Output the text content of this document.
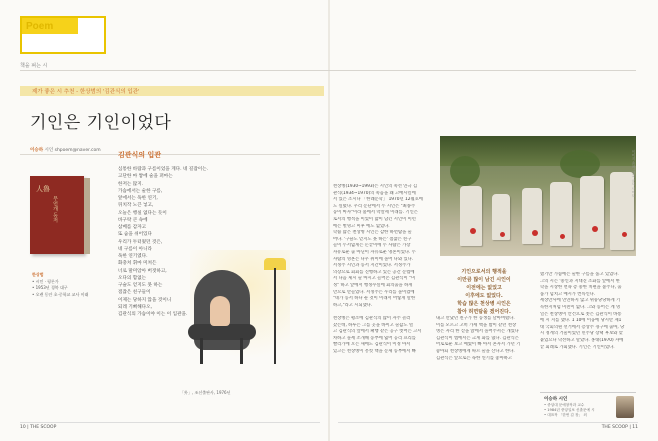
Poem
책을 펴는 시
제가 좋은 시 추천 - 한상범의 '김관식의 입관'
기인은 기인이었다
이승하 시인 shpoem@naver.com
人魯
무언개 등저
한상범
• 시인 · 평론가
• 1953년 경북 대구
• 오랜 동안 초·중학교 교사 이래
김관식의 입관
심통한 바람과 구름이었을 게다. 네 길잡이는.
고단한 마 쌓에 술을 퍼마는
한저는 많지.
가슴에서는 술한 구름,
앞에서는 독한 연기,
뒤치작 노끈 넣고,
오늘은 행실 없다는 듯이
바구락 큰 속에
삼베를 감자고
또 숨을 쉬어있다
우리가 두터웠던 것은,
네 구름이 아니라
독한 연기였다.
화충쳐 휘마 미쳐든
너로 말미암아 버젓하고,
오다의 함없는
구슬도 얻지도 못 하는
점잖은 친구들이
이제는 당하지 않을 것이니
되레 기뻐해다오,
김관식의 가슴이야 이는 이 입관을.
「外」, 조선출판사, 1976년
이미지 출처: 한국 군사 사이트
천상병(1930~1993)은 시인의 죽선 연극 김
관식(1934~1970)의 죽음을 왜 고배시킬에
서 있은 조시다 「한례문학」 1970년 12월호에
도 실렸다. 우리 문단에서 두 시인은 "최종주
동이 마자"이라 불에서 막살세 이래를. 기인은
로서의 행적을 이었이 많이 남긴 시인이 이런
에는 별명고 미후 에도 없었다.
학습 많은 천상병 시인는 감한 하면탐을 둘
어다. '구슬도 얻지도 못 하는' 점잖은 친구
들이 두서없게는 돈끝이에 두 사람은 가장
자유로운 출 아닌이 자유로운 영혼이었다. 두
사람의 영혼는 나우 위이에 돌어 나와 있다.
서정주 시인과 동서 지간이었다. 서정주가
의장으로 회회를 진행하고 있는 공간 문법에
서 다음 제시 술 마시고 들어온 김관식이 "미
정" 하고 앞에서 행정수실에 회의출을 하게
만으로 만들었다. 서정주는 우리를 돌이켰에
"네가 동서 하나 둔 것이 이래서 어떻게 말한
하고,"라고 시되했다.
천상병은 평소에 김관식의 많이 자주 놀러
갔는데, 하루는 그를 곳을 바이고 술값도 빌
고 김관식의 앞에서 패행 같은 공구 벗어는 고서
차하고 돌세 소개해 동부에 잃어 공리 프리를
빨리가에 오는 새에도 김관식이 이정 아서
있고는 천상병이 흥컷 핵을 문제 동부에서 빠
내고 만났던 친구가 한 동생를 날아버렸다.
이를 모르고 고히 가세 핵을 밤이 같던 천상
병은 자리 한 섣을 앉에서 돌어주셔는 개었다
김관식이 엠에서는 크게 화를 냈다. 김관식은
어로로운 보고 예였이 빠 아서 혼자서 가던 기
좋아되 천상병에게 따르 술을 산다고 한다.
김관식은 앞으로는 독한 연기를 좋아하고
했기만 가슴에는 술한 구름을 품고 있었다.
그의 시는 '중인과 지대진 조화를 앞에서 한
학을 시상한 면속 층 중한 치편을 불주다, 출
품가 넘치고 예시가 번뜩인다.
세상만사에 연연하지 않고 위풍당당하게 기
득한지처럼 미친이 없다. 그와 동어는 계 영
일은 천상병이 안건으로 쏫은 김관식이 바통
에 시 지를 했다. 1 10에 이웅에 당시만 제1
대 국회의원 선거에서 층상주 경구에 출마, 당
시 정계의 거물이었던 민주당 장택 후보와 맞
붙었으나 낙선하고 말았다. 홍대(1970) 자에
끝 회례로 가회했다. 기인은 기인이었다.
기인으로서의 행적을
이만큼 많이 남긴 시인이
이전에는 없었고
이후에도 없었다.
학습 많은 천상병 시인은
참아 허면탐을 겠어진다.
이승하 시인
• 중앙대 문예창작과 교수
• 1984년 중앙일보 신춘문예 시
• 대표작 「한번 갑 장」 외
10 | THE SCOOP	THE SCOOP | 11
